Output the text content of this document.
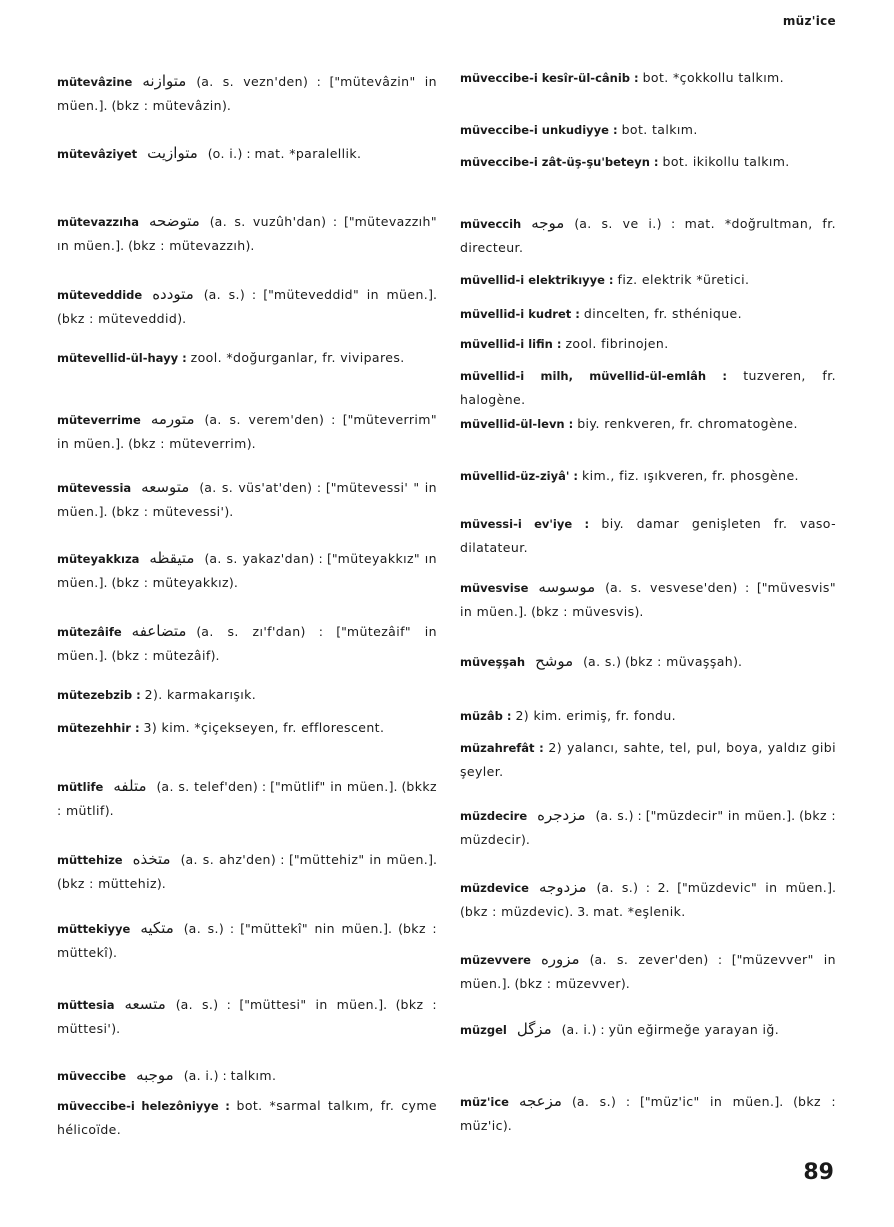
müz'ice
mütevâzine متوازنه (a. s. vezn'den) : ["mütevâzin" in müen.]. (bkz : mütevâzin).
mütevâziyet متوازيت (o. i.) : mat. *paralellik.
mütevazzıha متوضحه (a. s. vuzûh'dan) : ["mütevazzıh" ın müen.]. (bkz : mütevazzıh).
müteveddide متودده (a. s.) : ["müteveddid" in müen.]. (bkz : müteveddid).
mütevellid-ül-hayy : zool. *doğurganlar, fr. vivipares.
müteverrime متورمه (a. s. verem'den) : ["müteverrim" in müen.]. (bkz : müteverrim).
mütevessia متوسعه (a. s. vüs'at'den) : ["mütevessi' " in müen.]. (bkz : mütevessi').
müteyakkıza متيقظه (a. s. yakaz'dan) : ["müteyakkız" ın müen.]. (bkz : müteyakkız).
mütezâife متضاعفه (a. s. zı'f'dan) : ["mütezâif" in müen.]. (bkz : mütezâif).
mütezebzib : 2). karmakarışık.
mütezehhir : 3) kim. *çiçekseyen, fr. efflorescent.
mütlife متلفه (a. s. telef'den) : ["mütlif" in müen.]. (bkkz : mütlif).
müttehize متخذه (a. s. ahz'den) : ["müttehiz" in müen.]. (bkz : müttehiz).
müttekiyye متكيه (a. s.) : ["müttekî" nin müen.]. (bkz : müttekî).
müttesia متسعه (a. s.) : ["müttesi" in müen.]. (bkz : müttesi').
müveccibe موجبه (a. i.) : talkım.
müveccibe-i helezôniyye : bot. *sarmal talkım, fr. cyme hélicoïde.
müveccibe-i kesîr-ül-cânib : bot. *çokkollu talkım.
müveccibe-i unkudiyye : bot. talkım.
müveccibe-i zât-üş-şu'beteyn : bot. ikikollu talkım.
müveccih موجه (a. s. ve i.) : mat. *doğrultman, fr. directeur.
müvellid-i elektrikıyye : fiz. elektrik *üretici.
müvellid-i kudret : dincelten, fr. sthénique.
müvellid-i lifin : zool. fibrinojen.
müvellid-i milh, müvellid-ül-emlâh : tuzveren, fr. halogène.
müvellid-ül-levn : biy. renkveren, fr. chromatogène.
müvellid-üz-ziyâ' : kim., fiz. ışıkveren, fr. phosgène.
müvessi-i ev'iye : biy. damar genişleten fr. vaso-dilatateur.
müvesvise موسوسه (a. s. vesvese'den) : ["müvesvis" in müen.]. (bkz : müvesvis).
müveşşah موشح (a. s.) (bkz : müvaşşah).
müzâb : 2) kim. erimiş, fr. fondu.
müzahrefât : 2) yalancı, sahte, tel, pul, boya, yaldız gibi şeyler.
müzdecire مزدجره (a. s.) : ["müzdecir" in müen.]. (bkz : müzdecir).
müzdevice مزدوجه (a. s.) : 2. ["müzdevic" in müen.]. (bkz : müzdevic). 3. mat. *eşlenik.
müzevvere مزوره (a. s. zever'den) : ["müzevver" in müen.]. (bkz : müzevver).
müzgel مزگل (a. i.) : yün eğirmeğe yarayan iğ.
müz'ice مزعجه (a. s.) : ["müz'ic" in müen.]. (bkz : müz'ic).
89
